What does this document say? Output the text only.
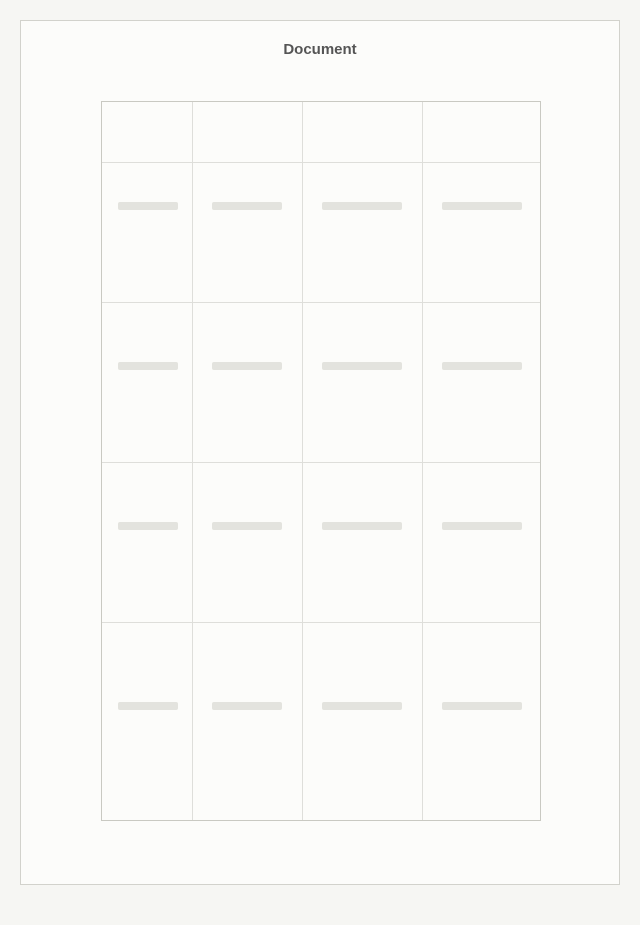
Document
